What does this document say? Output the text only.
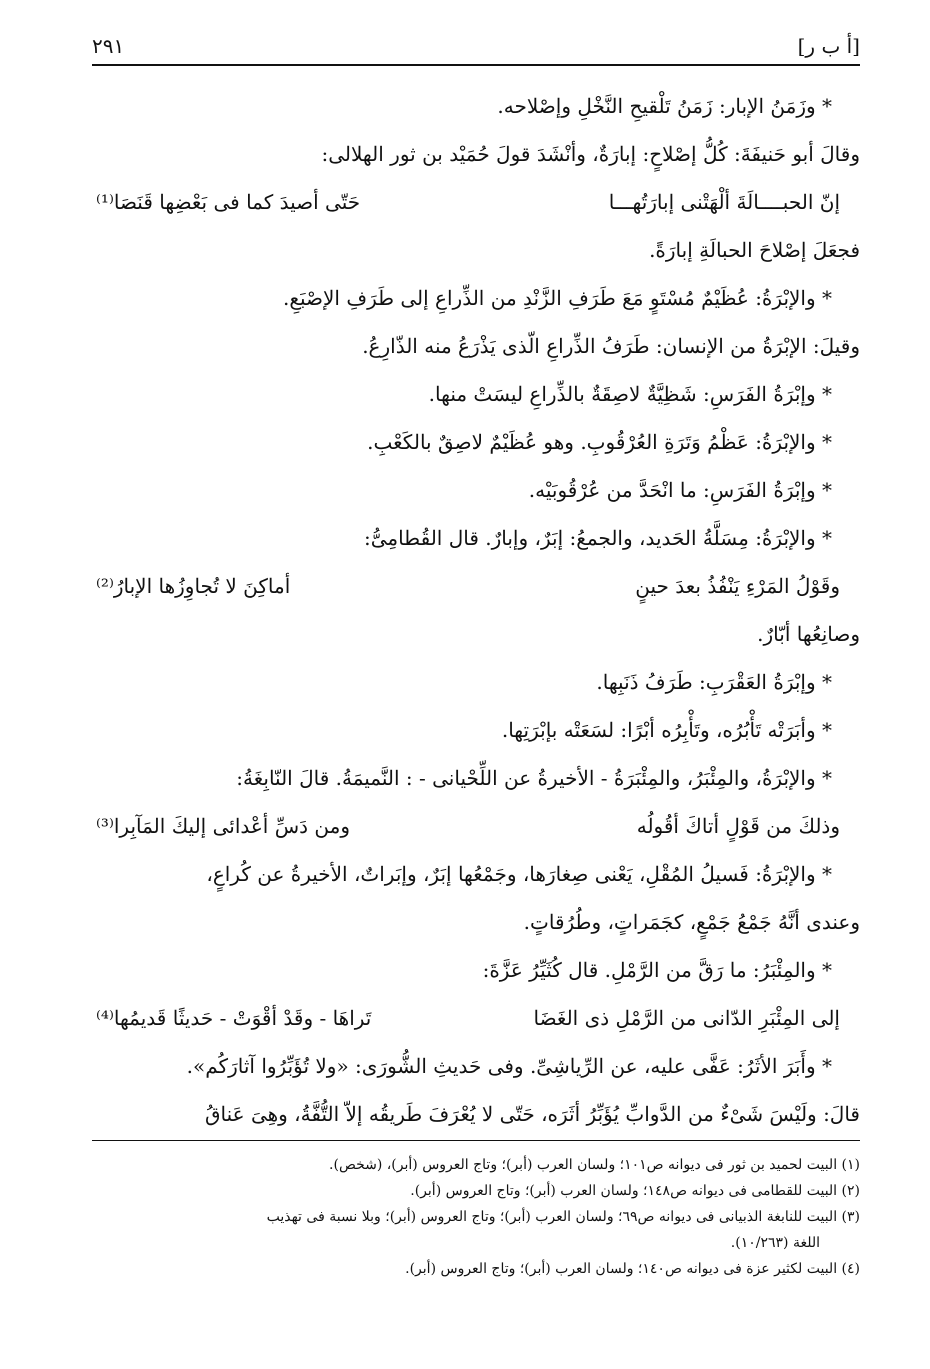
[أ ب ر]
٢٩١
* وزَمَنُ الإبار: زَمَنُ تَلْقيحِ النَّخْلِ وإصْلاحه.
وقالَ أبو حَنيفَةَ: كُلُّ إصْلاحٍ: إبارَةٌ، وأنْشَدَ قولَ حُمَيْد بن ثور الهلالى:
إنّ الحبــــالَةَ ألْهَتْنى إبارَتُهـــا
حَتّى أصيدَ كما فى بَعْضِها قَنَصَا⁽¹⁾
فجعَلَ إصْلاحَ الحبالَةِ إبارَةً.
* والإبْرَةُ: عُظَيْمٌ مُسْتَوٍ مَعَ طَرَفِ الزَّنْدِ من الذِّراعِ إلى طَرَفِ الإصْبَعِ.
وقيلَ: الإبْرَةُ من الإنسان: طَرَفُ الذِّراعِ الّذى يَذْرَعُ منه الذّارِعُ.
* وإبْرَةُ الفَرَسِ: شَظِيَّةٌ لاصِقَةٌ بالذِّراعِ ليسَتْ منها.
* والإبْرَةُ: عَظْمُ وَتَرَةِ العُرْقُوبِ. وهو عُظَيْمٌ لاصِقٌ بالكَعْبِ.
* وإبْرَةُ الفَرَسِ: ما انْحَدَّ من عُرْقُوبَيْه.
* والإبْرَةُ: مِسَلَّةُ الحَديد، والجمعُ: إبَرٌ، وإبارٌ. قال القُطامِىُّ:
وقَوْلُ المَرْءِ يَنْفُذُ بعدَ حينٍ
أماكِنَ لا تُجاوِزُها الإبارُ⁽²⁾
وصانِعُها أبّارٌ.
* وإبْرَةُ العَقْرَبِ: طَرَفُ ذَنَبِها.
* وأبَرَتْه تَأْبُرُه، وتَأْبِرُه أبْرًا: لسَعَتْه بإبْرَتِها.
* والإبْرَةُ، والمِئْبَرُ، والمِئْبَرَةُ - الأخيرةُ عن اللِّحْيانى - : النَّميمَةُ. قالَ النّابِغَةُ:
وذلكَ من قَوْلٍ أتاكَ أقُولُه
ومن دَسِّ أعْدائى إليكَ المَآبِرا⁽³⁾
* والإبْرَةُ: فَسيلُ المُقْلِ، يَعْنى صِغارَها، وجَمْعُها إبَرٌ، وإبَراتٌ، الأخيرةُ عن كُراعٍ،
وعندى أنَّهُ جَمْعُ جَمْعٍ، كجَمَراتٍ، وطُرُقاتٍ.
* والمِئْبَرُ: ما رَقَّ من الرَّمْلِ. قال كُثَيِّرُ عَزَّةَ:
إلى المِئْبَرِ الدّانى من الرَّمْلِ ذى الغَضَا
تَراهَا - وقَدْ أقْوَتْ - حَديثًا قَديمُها⁽⁴⁾
* وأَبَرَ الأثَرُ: عَفَّى عليه، عن الرِّياشِىِّ. وفى حَديثِ الشُّورَى: «ولا تُؤَبِّرُوا آثارَكُم».
قالَ: ولَيْسَ شَىْءٌ من الدَّوابِّ يُؤَبِّرُ أثَرَه، حَتّى لا يُعْرَفَ طَريقُه إلاّ التُّفَّةُ، وهِىَ عَناقُ
(١) البيت لحميد بن ثور فى ديوانه ص١٠١؛ ولسان العرب (أبر)؛ وتاج العروس (أبر)، (شخص).
(٢) البيت للقطامى فى ديوانه ص١٤٨؛ ولسان العرب (أبر)؛ وتاج العروس (أبر).
(٣) البيت للنابغة الذبيانى فى ديوانه ص٦٩؛ ولسان العرب (أبر)؛ وتاج العروس (أبر)؛ وبلا نسبة فى تهذيب
اللغة (١٠/٢٦٣).
(٤) البيت لكثير عزة فى ديوانه ص١٤٠؛ ولسان العرب (أبر)؛ وتاج العروس (أبر).
